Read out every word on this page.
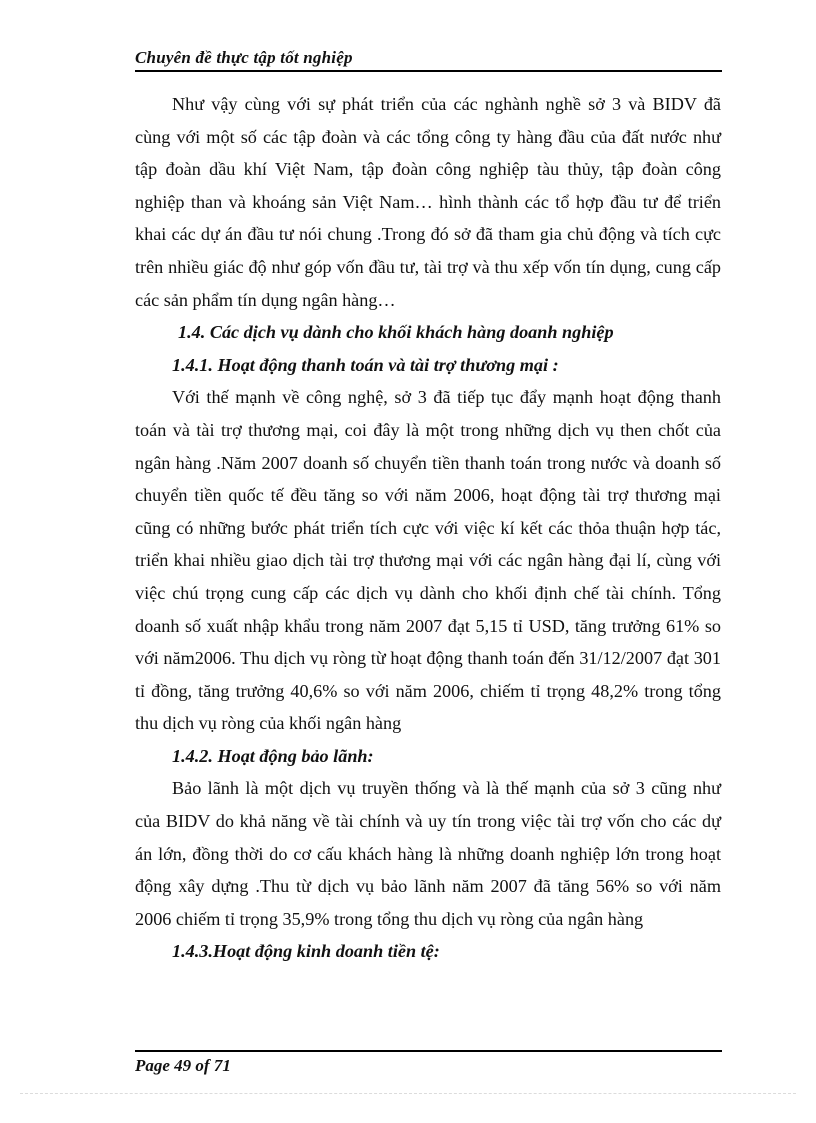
Chuyên đề thực tập tốt nghiệp

Như vậy cùng với sự phát triển của các nghành nghề sở 3 và BIDV đã cùng với một số các tập đoàn và các tổng công ty hàng đầu của đất nước như tập đoàn dầu khí Việt Nam, tập đoàn công nghiệp tàu thủy, tập đoàn công nghiệp than và khoáng sản Việt Nam… hình thành các tổ hợp đầu tư để triển khai các dự án đầu tư nói chung .Trong đó sở đã tham gia chủ động và tích cực trên nhiều giác độ như góp vốn đầu tư, tài trợ và thu xếp vốn tín dụng, cung cấp các sản phẩm tín dụng ngân hàng…

1.4. Các dịch vụ dành cho khối khách hàng doanh nghiệp

1.4.1. Hoạt động thanh toán và tài trợ thương mại :

Với thế mạnh về công nghệ, sở 3 đã tiếp tục đẩy mạnh hoạt động thanh toán và tài trợ thương mại, coi đây là một trong những dịch vụ then chốt của ngân hàng .Năm 2007 doanh số chuyển tiền thanh toán trong nước và doanh số chuyển tiền quốc tế đều tăng so với năm 2006, hoạt động tài trợ thương mại cũng có những bước phát triển tích cực với việc kí kết các thỏa thuận hợp tác, triển khai nhiều giao dịch tài trợ thương mại với các ngân hàng đại lí, cùng với việc chú trọng cung cấp các dịch vụ dành cho khối định chế tài chính. Tổng doanh số xuất nhập khẩu trong năm 2007 đạt 5,15 tỉ USD, tăng trưởng 61% so với năm2006. Thu dịch vụ ròng từ hoạt động thanh toán đến 31/12/2007 đạt 301 tỉ đồng, tăng trưởng 40,6% so với năm 2006, chiếm tỉ trọng 48,2% trong tổng thu dịch vụ ròng của khối ngân hàng

1.4.2. Hoạt động bảo lãnh:

Bảo lãnh là một dịch vụ truyền thống và là thế mạnh của sở 3 cũng như của BIDV do khả năng về tài chính và uy tín trong việc tài trợ vốn cho các dự án lớn, đồng thời do cơ cấu khách hàng là những doanh nghiệp lớn trong hoạt động xây dựng .Thu từ dịch vụ bảo lãnh năm 2007 đã tăng 56% so với năm 2006 chiếm tỉ trọng 35,9% trong tổng thu dịch vụ ròng của ngân hàng

1.4.3.Hoạt động kinh doanh tiền tệ:

Page 49 of 71
